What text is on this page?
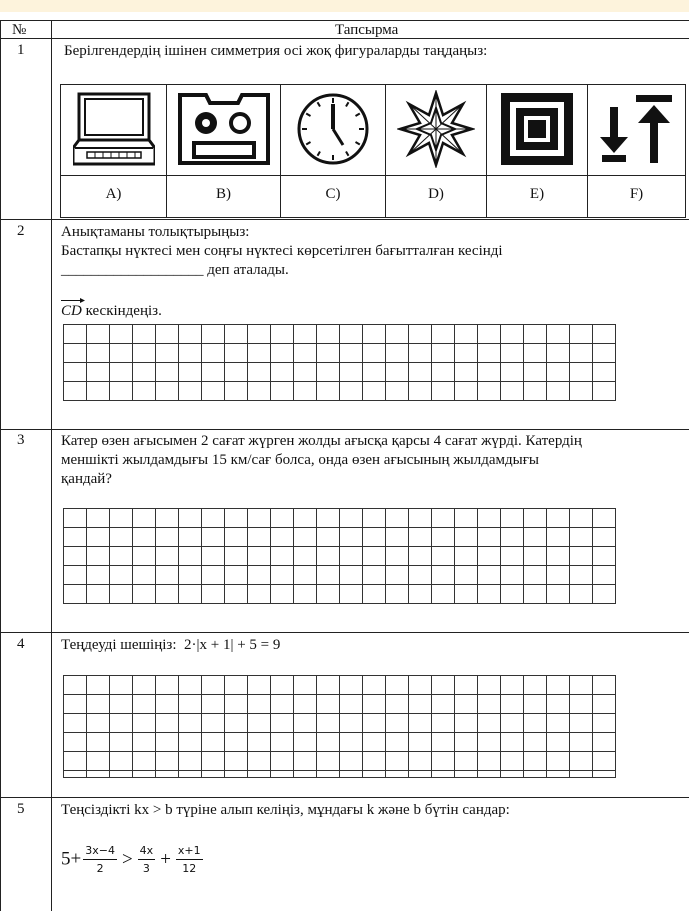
№	Тапсырма
1	Берілгендердің ішінен симметрия осі жоқ фигураларды таңдаңыз:
A)	B)	C)	D)	E)	F)
2 Анықтаманы толықтырыңыз:
Бастапқы нүктесі мен соңғы нүктесі көрсетілген бағытталған кесінді
___________________ деп аталады.
CD кескіндеңіз.
3 Катер өзен ағысымен 2 сағат жүрген жолды ағысқа қарсы 4 сағат жүрді. Катердің
меншікті жылдамдығы 15 км/сағ болса, онда өзен ағысының жылдамдығы
қандай?
4 Теңдеуді шешіңіз: 2·|x + 1| + 5 = 9
5 Теңсіздікті kx > b түріне алып келіңіз, мұндағы k және b бүтін сандар:
$5+ \frac{3x-4}{2} > \frac{4x}{3} + \frac{x+1}{12}$
